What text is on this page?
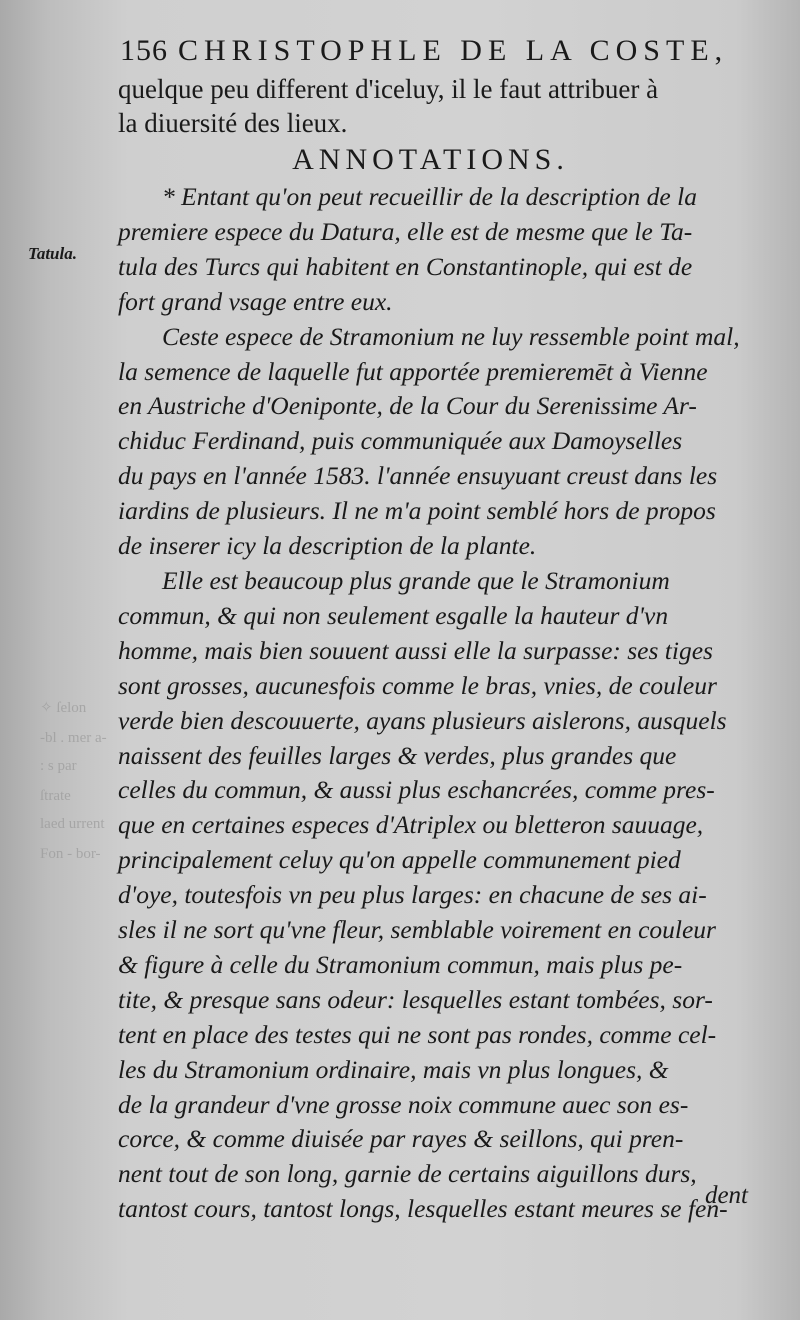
✧ ſelon
-bl . mer a-
: s par
ſtrate
laed urrent
Fon - bor-
156 CHRISTOPHLE DE LA COSTE,
Tatula.
quelque peu different d'iceluy, il le faut attribuer à
la diuersité des lieux.
ANNOTATIONS.
* Entant qu'on peut recueillir de la description de la
premiere espece du Datura, elle est de mesme que le Ta-
tula des Turcs qui habitent en Constantinople, qui est de
fort grand vsage entre eux.
Ceste espece de Stramonium ne luy ressemble point mal,
la semence de laquelle fut apportée premieremēt à Vienne
en Austriche d'Oeniponte, de la Cour du Serenissime Ar-
chiduc Ferdinand, puis communiquée aux Damoyselles
du pays en l'année 1583. l'année ensuyuant creust dans les
iardins de plusieurs. Il ne m'a point semblé hors de propos
de inserer icy la description de la plante.
Elle est beaucoup plus grande que le Stramonium
commun, & qui non seulement esgalle la hauteur d'vn
homme, mais bien souuent aussi elle la surpasse: ses tiges
sont grosses, aucunesfois comme le bras, vnies, de couleur
verde bien descouuerte, ayans plusieurs aislerons, ausquels
naissent des feuilles larges & verdes, plus grandes que
celles du commun, & aussi plus eschancrées, comme pres-
que en certaines especes d'Atriplex ou bletteron sauuage,
principalement celuy qu'on appelle communement pied
d'oye, toutesfois vn peu plus larges: en chacune de ses ai-
sles il ne sort qu'vne fleur, semblable voirement en couleur
& figure à celle du Stramonium commun, mais plus pe-
tite, & presque sans odeur: lesquelles estant tombées, sor-
tent en place des testes qui ne sont pas rondes, comme cel-
les du Stramonium ordinaire, mais vn plus longues, &
de la grandeur d'vne grosse noix commune auec son es-
corce, & comme diuisée par rayes & seillons, qui pren-
nent tout de son long, garnie de certains aiguillons durs,
tantost cours, tantost longs, lesquelles estant meures se fen-
dent
